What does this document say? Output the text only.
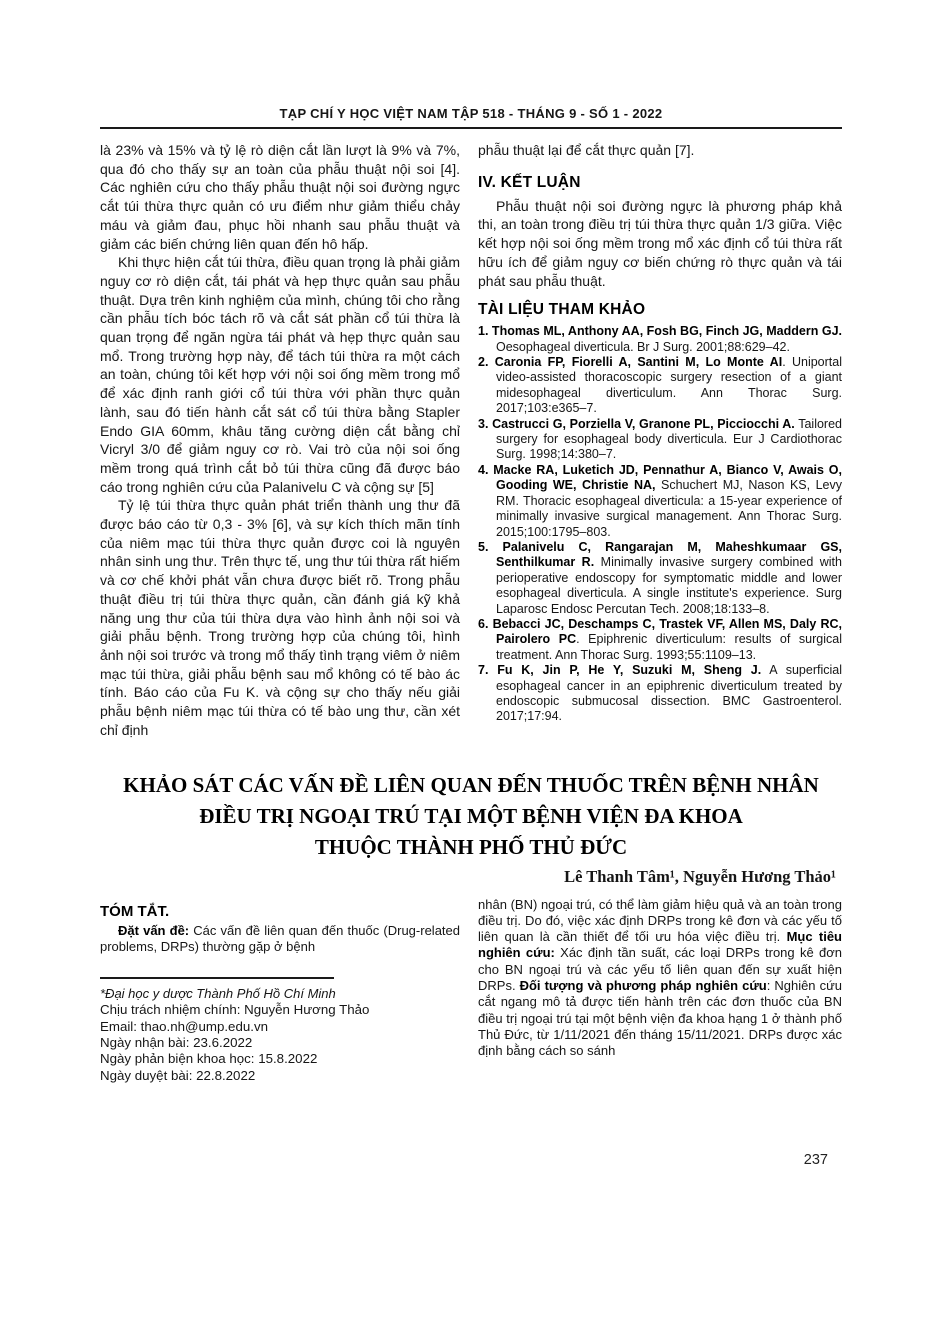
TẠP CHÍ Y HỌC VIỆT NAM TẬP 518 - THÁNG 9 - SỐ 1 - 2022

là 23% và 15% và tỷ lệ rò diện cắt lần lượt là 9% và 7%, qua đó cho thấy sự an toàn của phẫu thuật nội soi [4]. Các nghiên cứu cho thấy phẫu thuật nội soi đường ngực cắt túi thừa thực quản có ưu điểm như giảm thiểu chảy máu và giảm đau, phục hồi nhanh sau phẫu thuật và giảm các biến chứng liên quan đến hô hấp.

Khi thực hiện cắt túi thừa, điều quan trọng là phải giảm nguy cơ rò diện cắt, tái phát và hẹp thực quản sau phẫu thuật. Dựa trên kinh nghiệm của mình, chúng tôi cho rằng cần phẫu tích bóc tách rõ và cắt sát phần cổ túi thừa là quan trọng để ngăn ngừa tái phát và hẹp thực quản sau mổ. Trong trường hợp này, để tách túi thừa ra một cách an toàn, chúng tôi kết hợp với nội soi ống mềm trong mổ để xác định ranh giới cổ túi thừa với phần thực quản lành, sau đó tiến hành cắt sát cổ túi thừa bằng Stapler Endo GIA 60mm, khâu tăng cường diện cắt bằng chỉ Vicryl 3/0 để giảm nguy cơ rò. Vai trò của nội soi ống mềm trong quá trình cắt bỏ túi thừa cũng đã được báo cáo trong nghiên cứu của Palanivelu C và cộng sự [5]

Tỷ lệ túi thừa thực quản phát triển thành ung thư đã được báo cáo từ 0,3 - 3% [6], và sự kích thích mãn tính của niêm mạc túi thừa thực quản được coi là nguyên nhân sinh ung thư. Trên thực tế, ung thư túi thừa rất hiếm và cơ chế khởi phát vẫn chưa được biết rõ. Trong phẫu thuật điều trị túi thừa thực quản, cần đánh giá kỹ khả năng ung thư của túi thừa dựa vào hình ảnh nội soi và giải phẫu bệnh. Trong trường hợp của chúng tôi, hình ảnh nội soi trước và trong mổ thấy tình trạng viêm ở niêm mạc túi thừa, giải phẫu bệnh sau mổ không có tế bào ác tính. Báo cáo của Fu K. và cộng sự cho thấy nếu giải phẫu bệnh niêm mạc túi thừa có tế bào ung thư, cần xét chỉ định

phẫu thuật lại để cắt thực quản [7].

IV. KẾT LUẬN

Phẫu thuật nội soi đường ngực là phương pháp khả thi, an toàn trong điều trị túi thừa thực quản 1/3 giữa. Việc kết hợp nội soi ống mềm trong mổ xác định cổ túi thừa rất hữu ích để giảm nguy cơ biến chứng rò thực quản và tái phát sau phẫu thuật.

TÀI LIỆU THAM KHẢO
1. Thomas ML, Anthony AA, Fosh BG, Finch JG, Maddern GJ. Oesophageal diverticula. Br J Surg. 2001;88:629–42.
2. Caronia FP, Fiorelli A, Santini M, Lo Monte AI. Uniportal video-assisted thoracoscopic surgery resection of a giant midesophageal diverticulum. Ann Thorac Surg. 2017;103:e365–7.
3. Castrucci G, Porziella V, Granone PL, Picciocchi A. Tailored surgery for esophageal body diverticula. Eur J Cardiothorac Surg. 1998;14:380–7.
4. Macke RA, Luketich JD, Pennathur A, Bianco V, Awais O, Gooding WE, Christie NA, Schuchert MJ, Nason KS, Levy RM. Thoracic esophageal diverticula: a 15-year experience of minimally invasive surgical management. Ann Thorac Surg. 2015;100:1795–803.
5. Palanivelu C, Rangarajan M, Maheshkumaar GS, Senthilkumar R. Minimally invasive surgery combined with perioperative endoscopy for symptomatic middle and lower esophageal diverticula. A single institute's experience. Surg Laparosc Endosc Percutan Tech. 2008;18:133–8.
6. Bebacci JC, Deschamps C, Trastek VF, Allen MS, Daly RC, Pairolero PC. Epiphrenic diverticulum: results of surgical treatment. Ann Thorac Surg. 1993;55:1109–13.
7. Fu K, Jin P, He Y, Suzuki M, Sheng J. A superficial esophageal cancer in an epiphrenic diverticulum treated by endoscopic submucosal dissection. BMC Gastroenterol. 2017;17:94.
KHẢO SÁT CÁC VẤN ĐỀ LIÊN QUAN ĐẾN THUỐC TRÊN BỆNH NHÂN
ĐIỀU TRỊ NGOẠI TRÚ TẠI MỘT BỆNH VIỆN ĐA KHOA
THUỘC THÀNH PHỐ THỦ ĐỨC
Lê Thanh Tâm¹, Nguyễn Hương Thảo¹
TÓM TẮT.

Đặt vấn đề: Các vấn đề liên quan đến thuốc (Drug-related problems, DRPs) thường gặp ở bệnh

*Đại học y dược Thành Phố Hồ Chí Minh
Chịu trách nhiệm chính: Nguyễn Hương Thảo
Email: thao.nh@ump.edu.vn
Ngày nhận bài: 23.6.2022
Ngày phản biện khoa học: 15.8.2022
Ngày duyệt bài: 22.8.2022

nhân (BN) ngoại trú, có thể làm giảm hiệu quả và an toàn trong điều trị. Do đó, việc xác định DRPs trong kê đơn và các yếu tố liên quan là cần thiết để tối ưu hóa việc điều trị. Mục tiêu nghiên cứu: Xác định tần suất, các loại DRPs trong kê đơn cho BN ngoại trú và các yếu tố liên quan đến sự xuất hiện DRPs. Đối tượng và phương pháp nghiên cứu: Nghiên cứu cắt ngang mô tả được tiến hành trên các đơn thuốc của BN điều trị ngoại trú tại một bệnh viện đa khoa hạng 1 ở thành phố Thủ Đức, từ 1/11/2021 đến tháng 15/11/2021. DRPs được xác định bằng cách so sánh

237
